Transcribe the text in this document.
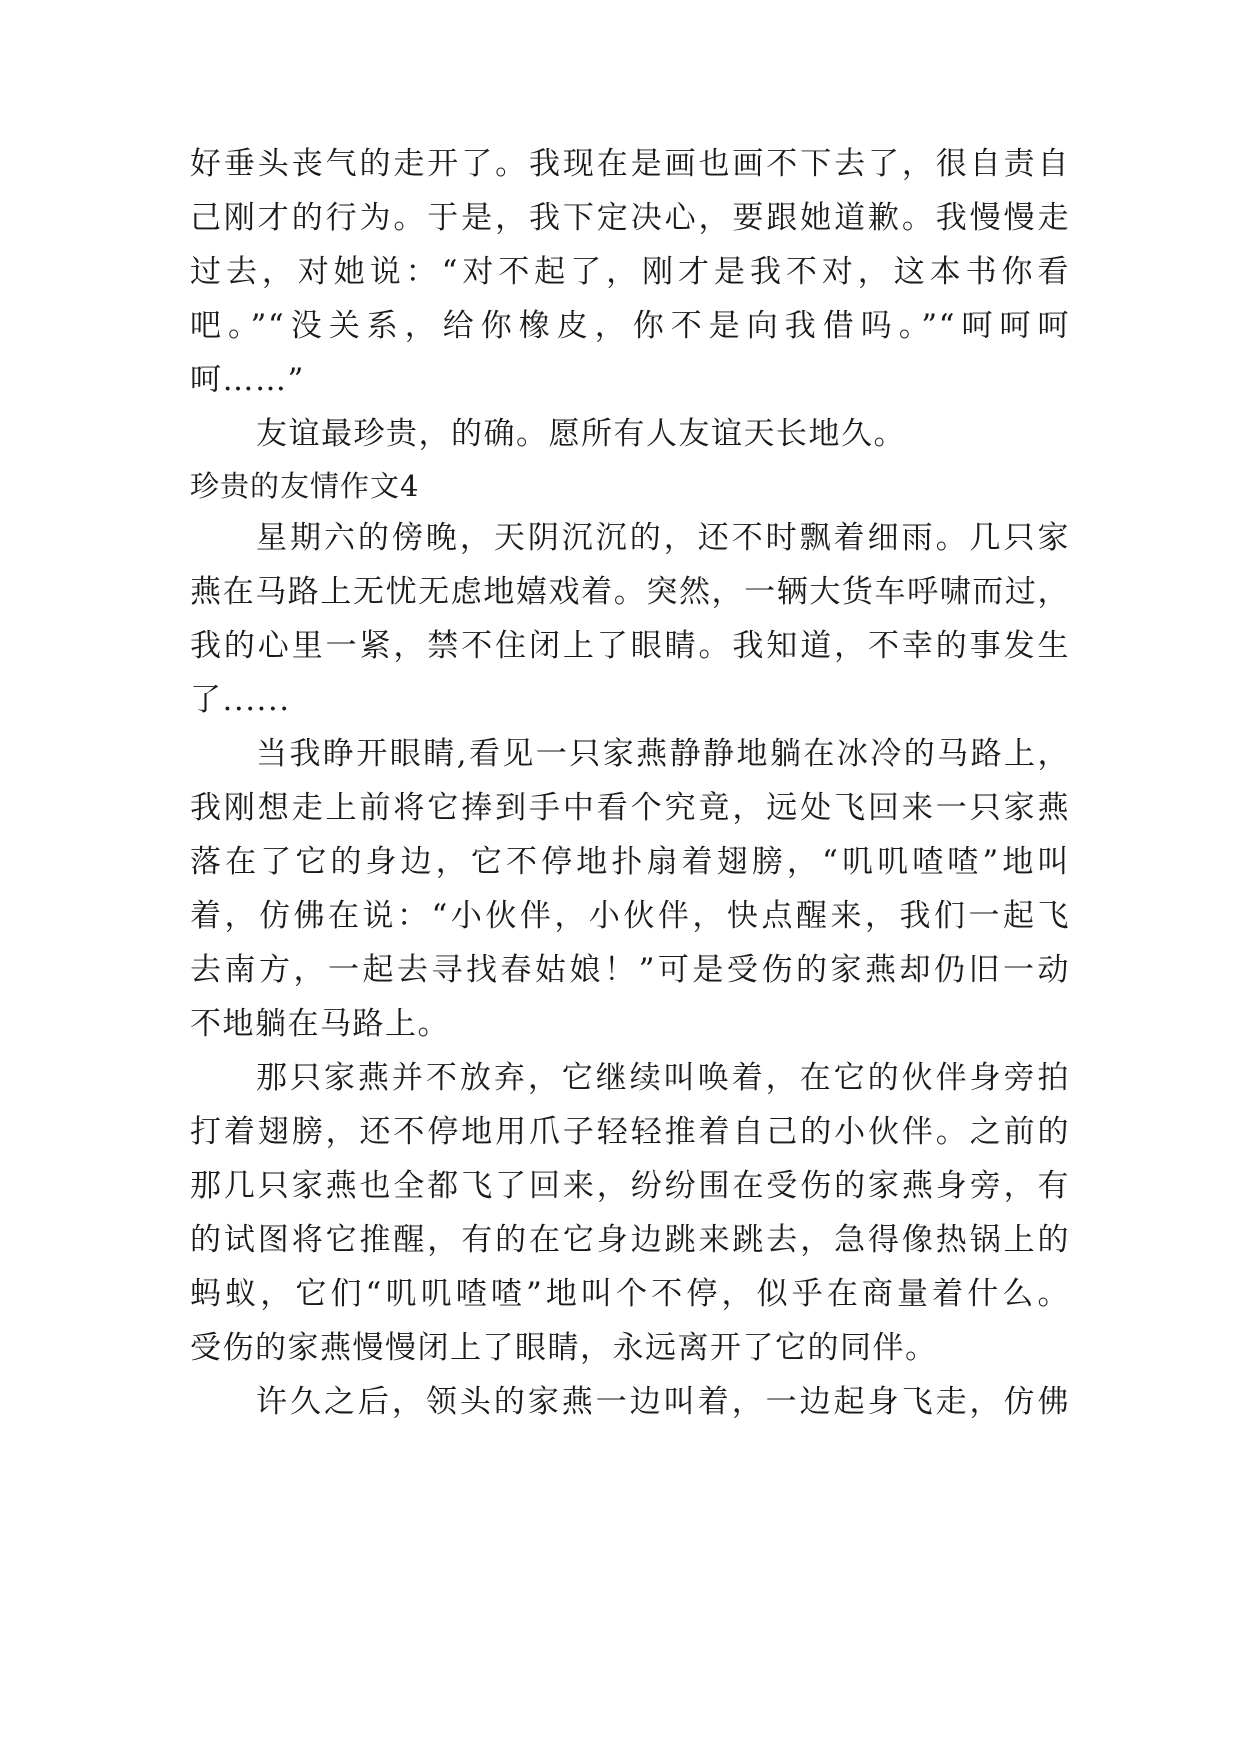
好垂头丧气的走开了。我现在是画也画不下去了，很自责自
己刚才的行为。于是，我下定决心，要跟她道歉。我慢慢走
过去，对她说：“对不起了，刚才是我不对，这本书你看
吧。”“没关系，给你橡皮，你不是向我借吗。”“呵呵呵
呵……”
友谊最珍贵，的确。愿所有人友谊天长地久。
珍贵的友情作文4
星期六的傍晚，天阴沉沉的，还不时飘着细雨。几只家
燕在马路上无忧无虑地嬉戏着。突然，一辆大货车呼啸而过，
我的心里一紧，禁不住闭上了眼睛。我知道，不幸的事发生
了......
当我睁开眼睛,看见一只家燕静静地躺在冰冷的马路上，
我刚想走上前将它捧到手中看个究竟，远处飞回来一只家燕
落在了它的身边，它不停地扑扇着翅膀，“叽叽喳喳”地叫
着，仿佛在说：“小伙伴，小伙伴，快点醒来，我们一起飞
去南方，一起去寻找春姑娘！”可是受伤的家燕却仍旧一动
不地躺在马路上。
那只家燕并不放弃，它继续叫唤着，在它的伙伴身旁拍
打着翅膀，还不停地用爪子轻轻推着自己的小伙伴。之前的
那几只家燕也全都飞了回来，纷纷围在受伤的家燕身旁，有
的试图将它推醒，有的在它身边跳来跳去，急得像热锅上的
蚂蚁，它们“叽叽喳喳”地叫个不停，似乎在商量着什么。
受伤的家燕慢慢闭上了眼睛，永远离开了它的同伴。
许久之后，领头的家燕一边叫着，一边起身飞走，仿佛
